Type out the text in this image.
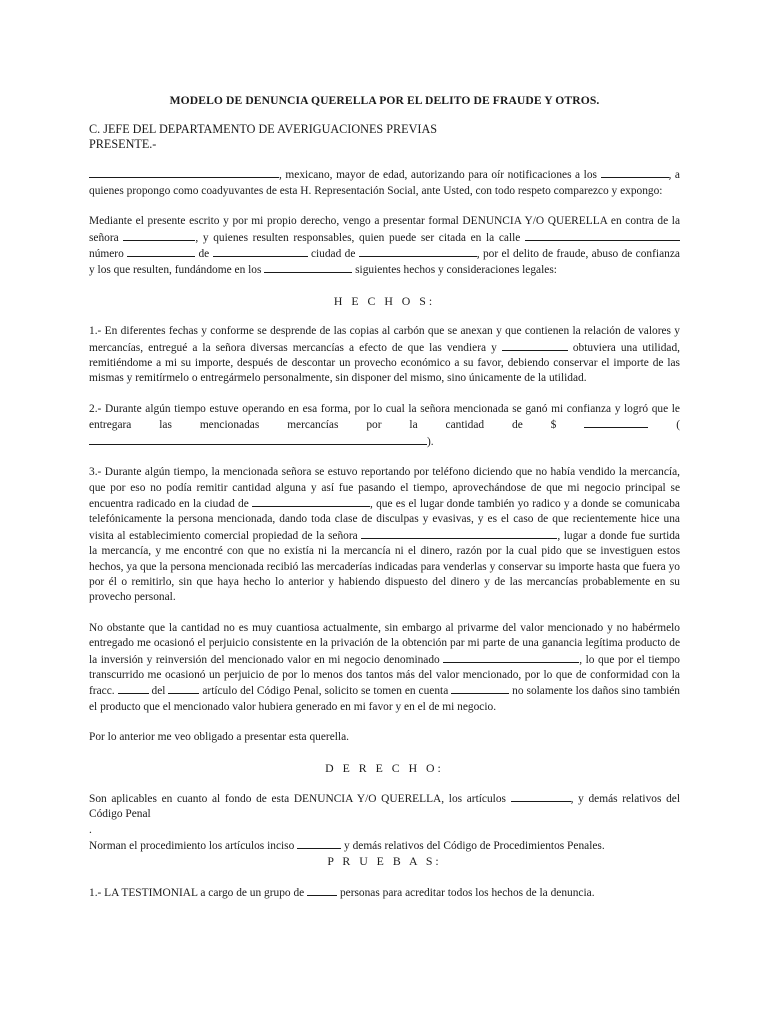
MODELO DE DENUNCIA QUERELLA POR EL DELITO DE FRAUDE Y OTROS.
C. JEFE DEL DEPARTAMENTO DE AVERIGUACIONES PREVIAS
PRESENTE.-

, mexicano, mayor de edad, autorizando para oír notificaciones a los	, a quienes propongo como coadyuvantes de esta H. Representación Social, ante Usted, con todo respeto comparezco y expongo:

Mediante el presente escrito y por mi propio derecho, vengo a presentar formal DENUNCIA Y/O QUERELLA en contra de la señora	, y quienes resulten responsables, quien puede ser citada en la calle  número	de	ciudad de	, por el delito de fraude, abuso de confianza y los que resulten, fundándome en los	siguientes hechos y consideraciones legales:

H E C H O S:

1.- En diferentes fechas y conforme se desprende de las copias al carbón que se anexan y que contienen la relación de valores y mercancías, entregué a la señora diversas mercancías a efecto de que las vendiera y	obtuviera una utilidad, remitiéndome a mi su importe, después de descontar un provecho económico a su favor, debiendo conservar el importe de las mismas y remitírmelo o entregármelo personalmente, sin disponer del mismo, sino únicamente de la utilidad.

2.- Durante algún tiempo estuve operando en esa forma, por lo cual la señora mencionada se ganó mi confianza y logró que le entregara las mencionadas mercancías por la cantidad de $	().

3.- Durante algún tiempo, la mencionada señora se estuvo reportando por teléfono diciendo que no había vendido la mercancía, que por eso no podía remitir cantidad alguna y así fue pasando el tiempo, aprovechándose de que mi negocio principal se encuentra radicado en la ciudad de	, que es el lugar donde también yo radico y a donde se comunicaba telefónicamente la persona mencionada, dando toda clase de disculpas y evasivas, y es el caso de que recientemente hice una visita al establecimiento comercial propiedad de la señora	, lugar a donde fue surtida la mercancía, y me encontré con que no existía ni la mercancía ni el dinero, razón por la cual pido que se investiguen estos hechos, ya que la persona mencionada recibió las mercaderías indicadas para venderlas y conservar su importe hasta que fuera yo por él o remitirlo, sin que haya hecho lo anterior y habiendo dispuesto del dinero y de las mercancías probablemente en su provecho personal.

No obstante que la cantidad no es muy cuantiosa actualmente, sin embargo al privarme del valor mencionado y no habérmelo entregado me ocasionó el perjuicio consistente en la privación de la obtención par mi parte de una ganancia legítima producto de la inversión y reinversión del mencionado valor en mi negocio denominado	, lo que por el tiempo transcurrido me ocasionó un perjuicio de por lo menos dos tantos más del valor mencionado, por lo que de conformidad con la fracc.	del	artículo del Código Penal, solicito se tomen en cuenta	no solamente los daños sino también el producto que el mencionado valor hubiera generado en mi favor y en el de mi negocio.

Por lo anterior me veo obligado a presentar esta querella.

D E R E C H O:

Son aplicables en cuanto al fondo de esta DENUNCIA Y/O QUERELLA, los artículos	, y demás relativos del Código Penal

.

Norman el procedimiento los artículos inciso	y demás relativos del Código de Procedimientos Penales.

P R U E B A S:

1.- LA TESTIMONIAL a cargo de un grupo de	personas para acreditar todos los hechos de la denuncia.
